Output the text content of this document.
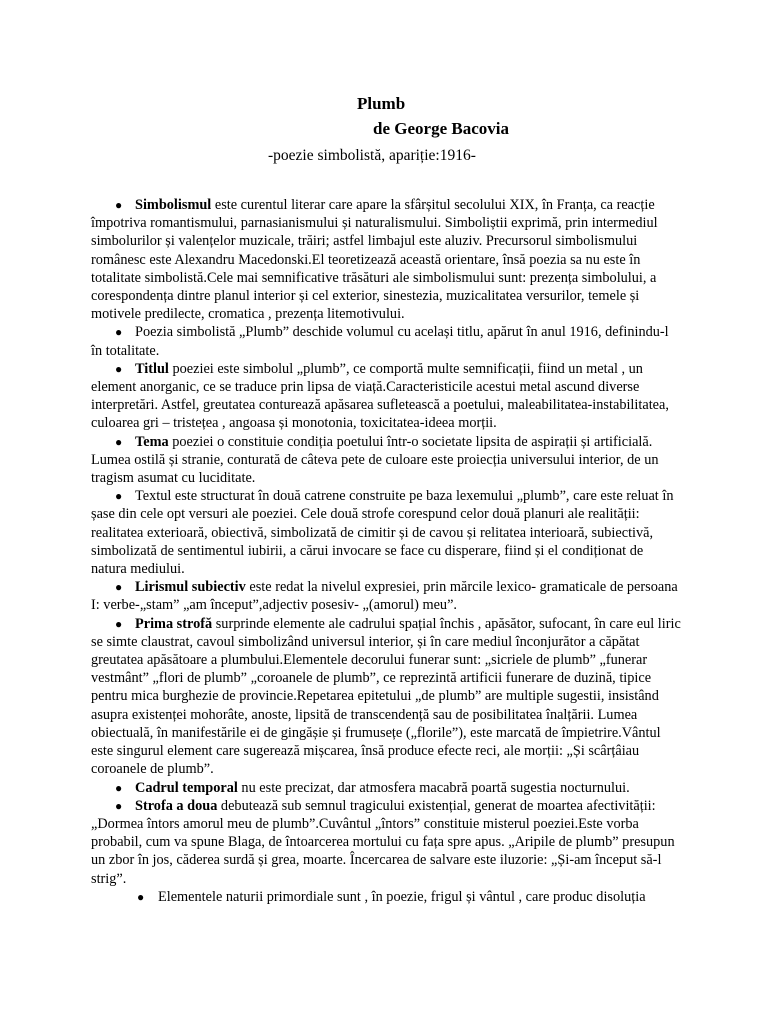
Plumb
de George Bacovia

-poezie simbolistă, apariție:1916-

● Simbolismul este curentul literar care apare la sfârșitul secolului XIX, în Franța, ca reacție împotriva romantismului, parnasianismului și naturalismului. Simboliștii exprimă, prin intermediul simbolurilor și valențelor muzicale, trăiri; astfel limbajul este aluziv. Precursorul simbolismului românesc este Alexandru Macedonski.El teoretizează această orientare, însă poezia sa nu este în totalitate simbolistă.Cele mai semnificative trăsături ale simbolismului sunt: prezența simbolului, a corespondența dintre planul interior și cel exterior, sinestezia, muzicalitatea versurilor, temele și motivele predilecte, cromatica , prezența litemotivului.
● Poezia simbolistă „Plumb” deschide volumul cu același titlu, apărut în anul 1916, definindu-l în totalitate.
● Titlul poeziei este simbolul „plumb”, ce comportă multe semnificații, fiind un metal , un element anorganic, ce se traduce prin lipsa de viață.Caracteristicile acestui metal ascund diverse interpretări. Astfel, greutatea conturează apăsarea sufletească a poetului, maleabilitatea-instabilitatea, culoarea gri – tristețea , angoasa și monotonia, toxicitatea-ideea morții.
● Tema poeziei o constituie condiția poetului într-o societate lipsita de aspirații și artificială. Lumea ostilă și stranie, conturată de câteva pete de culoare este proiecția universului interior, de un tragism asumat cu luciditate.
● Textul este structurat în două catrene construite pe baza lexemului „plumb”, care este reluat în șase din cele opt versuri ale poeziei. Cele două strofe corespund celor două planuri ale realității: realitatea exterioară, obiectivă, simbolizată de cimitir și de cavou și relitatea interioară, subiectivă, simbolizată de sentimentul iubirii, a cărui invocare se face cu disperare, fiind și el condiționat de natura mediului.
● Lirismul subiectiv este redat la nivelul expresiei, prin mărcile lexico- gramaticale de persoana I: verbe-„stam” „am început”,adjectiv posesiv- „(amorul) meu”.
● Prima strofă surprinde elemente ale cadrului spațial închis , apăsător, sufocant, în care eul liric se simte claustrat, cavoul simbolizând universul interior, și în care mediul înconjurător a căpătat greutatea apăsătoare a plumbului.Elementele decorului funerar sunt: „sicriele de plumb” „funerar vestmânt” „flori de plumb” „coroanele de plumb”, ce reprezintă artificii funerare de duzină, tipice pentru mica burghezie de provincie.Repetarea epitetului „de plumb” are multiple sugestii, insistând asupra existenței mohorâte, anoste, lipsită de transcendență sau de posibilitatea înalțării. Lumea obiectuală, în manifestările ei de gingășie și frumusețe („florile”), este marcată de împietrire.Vântul este singurul element care sugerează mișcarea, însă produce efecte reci, ale morții: „Și scârțâiau coroanele de plumb”.
● Cadrul temporal nu este precizat, dar atmosfera macabră poartă sugestia nocturnului.
● Strofa a doua debutează sub semnul tragicului existențial, generat de moartea afectivității: „Dormea întors amorul meu de plumb”.Cuvântul „întors” constituie misterul poeziei.Este vorba probabil, cum va spune Blaga, de întoarcerea mortului cu fața spre apus. „Aripile de plumb” presupun un zbor în jos, căderea surdă și grea, moarte. Încercarea de salvare este iluzorie: „Și-am început să-l strig”.
● Elementele naturii primordiale sunt , în poezie, frigul și vântul , care produc disoluția
